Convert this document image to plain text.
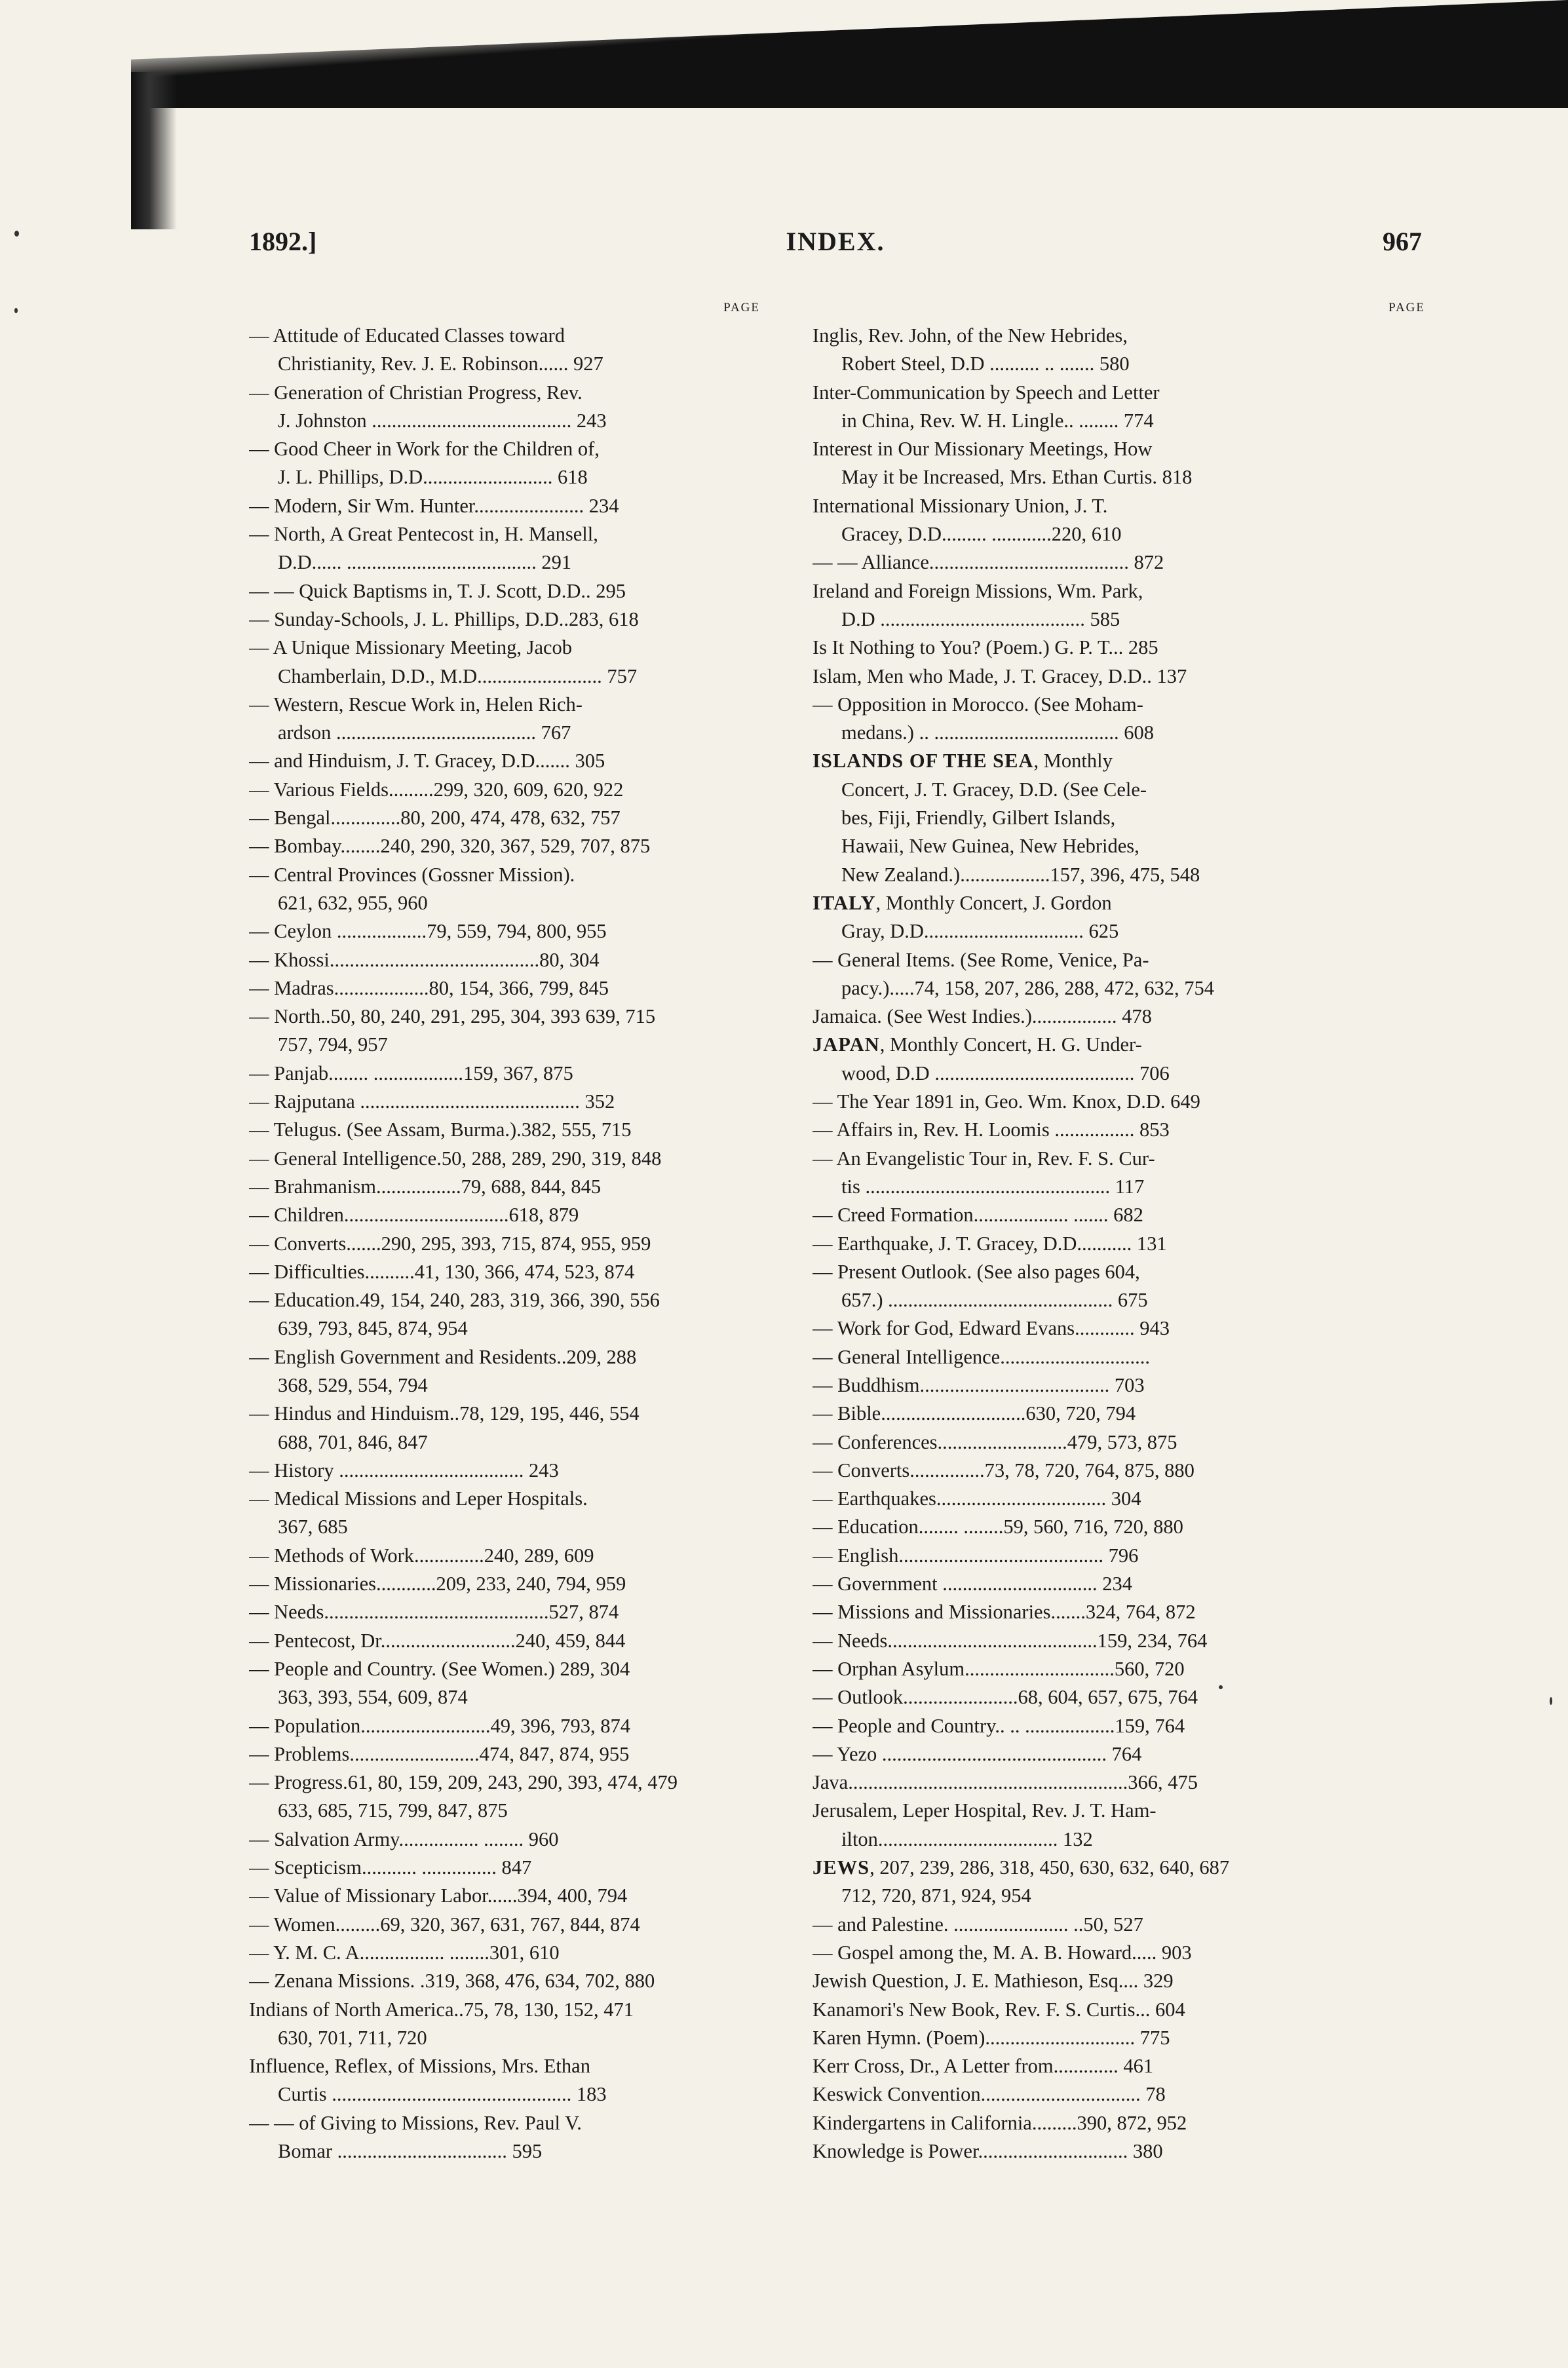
1892.]	INDEX.	967
PAGE
— Attitude of Educated Classes toward
Christianity, Rev. J. E. Robinson...... 927
— Generation of Christian Progress, Rev.
J. Johnston ........................................ 243
— Good Cheer in Work for the Children of,
J. L. Phillips, D.D.......................... 618
— Modern, Sir Wm. Hunter...................... 234
— North, A Great Pentecost in, H. Mansell,
D.D...... ...................................... 291
— — Quick Baptisms in, T. J. Scott, D.D.. 295
— Sunday-Schools, J. L. Phillips, D.D..283, 618
— A Unique Missionary Meeting, Jacob
Chamberlain, D.D., M.D......................... 757
— Western, Rescue Work in, Helen Rich-
ardson ........................................ 767
— and Hinduism, J. T. Gracey, D.D....... 305
— Various Fields.........299, 320, 609, 620, 922
— Bengal..............80, 200, 474, 478, 632, 757
— Bombay........240, 290, 320, 367, 529, 707, 875
— Central Provinces (Gossner Mission).
621, 632, 955, 960
— Ceylon ..................79, 559, 794, 800, 955
— Khossi..........................................80, 304
— Madras...................80, 154, 366, 799, 845
— North..50, 80, 240, 291, 295, 304, 393 639, 715
757, 794, 957
— Panjab........ ..................159, 367, 875
— Rajputana ............................................ 352
— Telugus. (See Assam, Burma.).382, 555, 715
— General Intelligence.50, 288, 289, 290, 319, 848
— Brahmanism.................79, 688, 844, 845
— Children.................................618, 879
— Converts.......290, 295, 393, 715, 874, 955, 959
— Difficulties..........41, 130, 366, 474, 523, 874
— Education.49, 154, 240, 283, 319, 366, 390, 556
639, 793, 845, 874, 954
— English Government and Residents..209, 288
368, 529, 554, 794
— Hindus and Hinduism..78, 129, 195, 446, 554
688, 701, 846, 847
— History ..................................... 243
— Medical Missions and Leper Hospitals.
367, 685
— Methods of Work..............240, 289, 609
— Missionaries............209, 233, 240, 794, 959
— Needs.............................................527, 874
— Pentecost, Dr...........................240, 459, 844
— People and Country. (See Women.) 289, 304
363, 393, 554, 609, 874
— Population..........................49, 396, 793, 874
— Problems..........................474, 847, 874, 955
— Progress.61, 80, 159, 209, 243, 290, 393, 474, 479
633, 685, 715, 799, 847, 875
— Salvation Army................ ........ 960
— Scepticism........... ............... 847
— Value of Missionary Labor......394, 400, 794
— Women.........69, 320, 367, 631, 767, 844, 874
— Y. M. C. A................. ........301, 610
— Zenana Missions. .319, 368, 476, 634, 702, 880
Indians of North America..75, 78, 130, 152, 471
630, 701, 711, 720
Influence, Reflex, of Missions, Mrs. Ethan
Curtis ................................................ 183
— — of Giving to Missions, Rev. Paul V.
Bomar .................................. 595
PAGE
Inglis, Rev. John, of the New Hebrides,
Robert Steel, D.D .......... .. ....... 580
Inter-Communication by Speech and Letter
in China, Rev. W. H. Lingle.. ........ 774
Interest in Our Missionary Meetings, How
May it be Increased, Mrs. Ethan Curtis. 818
International Missionary Union, J. T.
Gracey, D.D......... ............220, 610
— — Alliance........................................ 872
Ireland and Foreign Missions, Wm. Park,
D.D ......................................... 585
Is It Nothing to You? (Poem.) G. P. T... 285
Islam, Men who Made, J. T. Gracey, D.D.. 137
— Opposition in Morocco. (See Moham-
medans.) .. ..................................... 608
ISLANDS OF THE SEA, Monthly
Concert, J. T. Gracey, D.D. (See Cele-
bes, Fiji, Friendly, Gilbert Islands,
Hawaii, New Guinea, New Hebrides,
New Zealand.)..................157, 396, 475, 548
ITALY, Monthly Concert, J. Gordon
Gray, D.D................................ 625
— General Items. (See Rome, Venice, Pa-
pacy.).....74, 158, 207, 286, 288, 472, 632, 754
Jamaica. (See West Indies.)................. 478
JAPAN, Monthly Concert, H. G. Under-
wood, D.D ........................................ 706
— The Year 1891 in, Geo. Wm. Knox, D.D. 649
— Affairs in, Rev. H. Loomis ................ 853
— An Evangelistic Tour in, Rev. F. S. Cur-
tis ................................................. 117
— Creed Formation................... ....... 682
— Earthquake, J. T. Gracey, D.D........... 131
— Present Outlook. (See also pages 604,
657.) ............................................. 675
— Work for God, Edward Evans............ 943
— General Intelligence..............................
— Buddhism...................................... 703
— Bible.............................630, 720, 794
— Conferences..........................479, 573, 875
— Converts...............73, 78, 720, 764, 875, 880
— Earthquakes.................................. 304
— Education........ ........59, 560, 716, 720, 880
— English......................................... 796
— Government ............................... 234
— Missions and Missionaries.......324, 764, 872
— Needs..........................................159, 234, 764
— Orphan Asylum..............................560, 720
— Outlook.......................68, 604, 657, 675, 764
— People and Country.. .. ..................159, 764
— Yezo ............................................. 764
Java........................................................366, 475
Jerusalem, Leper Hospital, Rev. J. T. Ham-
ilton.................................... 132
JEWS, 207, 239, 286, 318, 450, 630, 632, 640, 687
712, 720, 871, 924, 954
— and Palestine. ....................... ..50, 527
— Gospel among the, M. A. B. Howard..... 903
Jewish Question, J. E. Mathieson, Esq.... 329
Kanamori's New Book, Rev. F. S. Curtis... 604
Karen Hymn. (Poem).............................. 775
Kerr Cross, Dr., A Letter from............. 461
Keswick Convention................................ 78
Kindergartens in California.........390, 872, 952
Knowledge is Power.............................. 380
